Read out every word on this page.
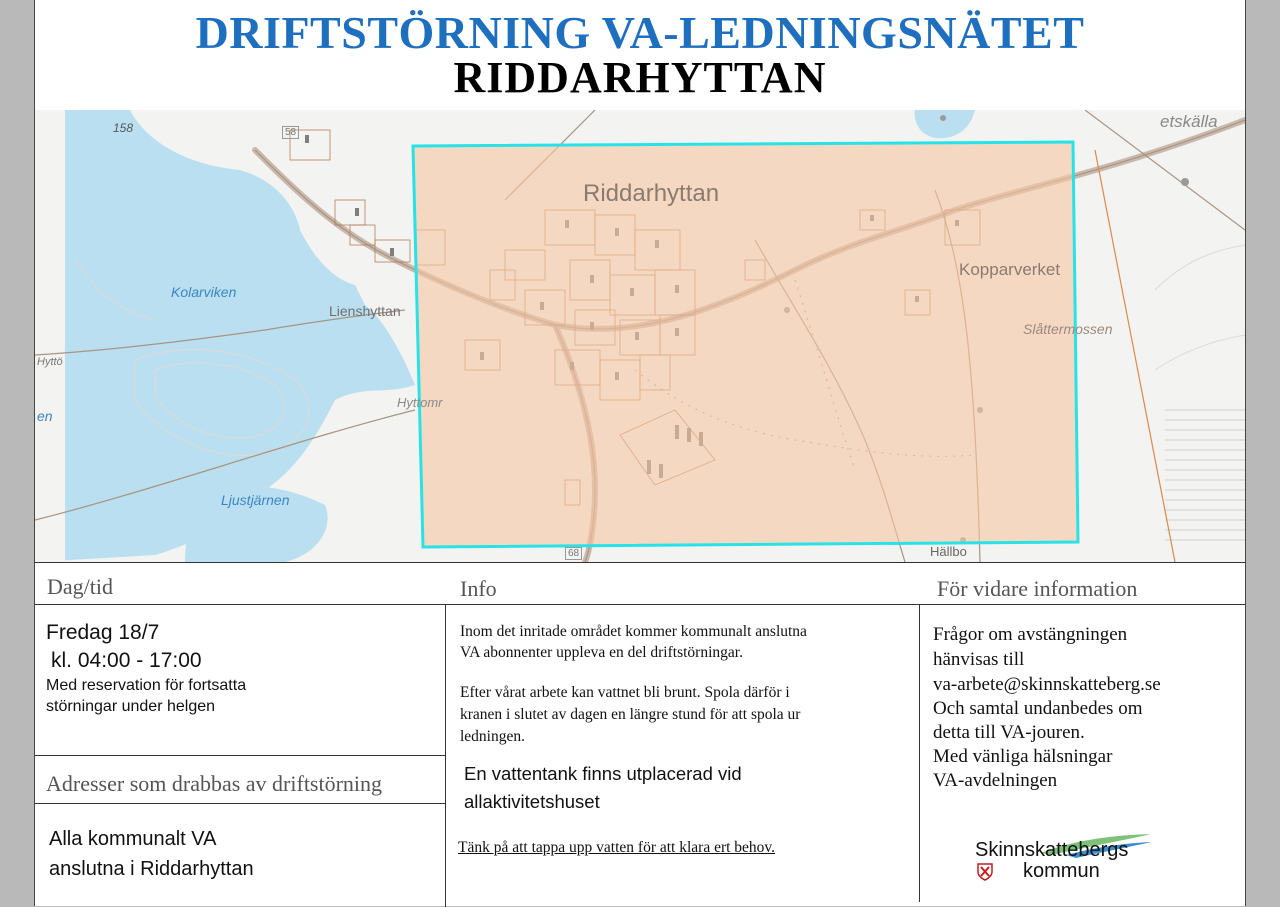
DRIFTSTÖRNING VA-LEDNINGSNÄTET
RIDDARHYTTAN
Riddarhyttan
Kopparverket
Slåttermossen
Kolarviken
Lienshyttan
Hyttomr
Ljustjärnen
Hällbo
etskälla
158	58
68
en
Hyttö
Dag/tid	Info	För vidare information
Fredag 18/7
kl. 04:00 - 17:00
Med reservation för fortsatta
störningar under helgen
Adresser som drabbas av driftstörning
Alla kommunalt VA
anslutna i Riddarhyttan
Inom det inritade området kommer kommunalt anslutna
VA abonnenter uppleva en del driftstörningar.
Efter vårat arbete kan vattnet bli brunt. Spola därför i
kranen i slutet av dagen en längre stund för att spola ur
ledningen.
En vattentank finns utplacerad vid
allaktivitetshuset
Tänk på att tappa upp vatten för att klara ert behov.
Frågor om avstängningen
hänvisas till
va-arbete@skinnskatteberg.se
Och samtal undanbedes om
detta till VA-jouren.
Med vänliga hälsningar
VA-avdelningen
Skinnskattebergs
kommun
